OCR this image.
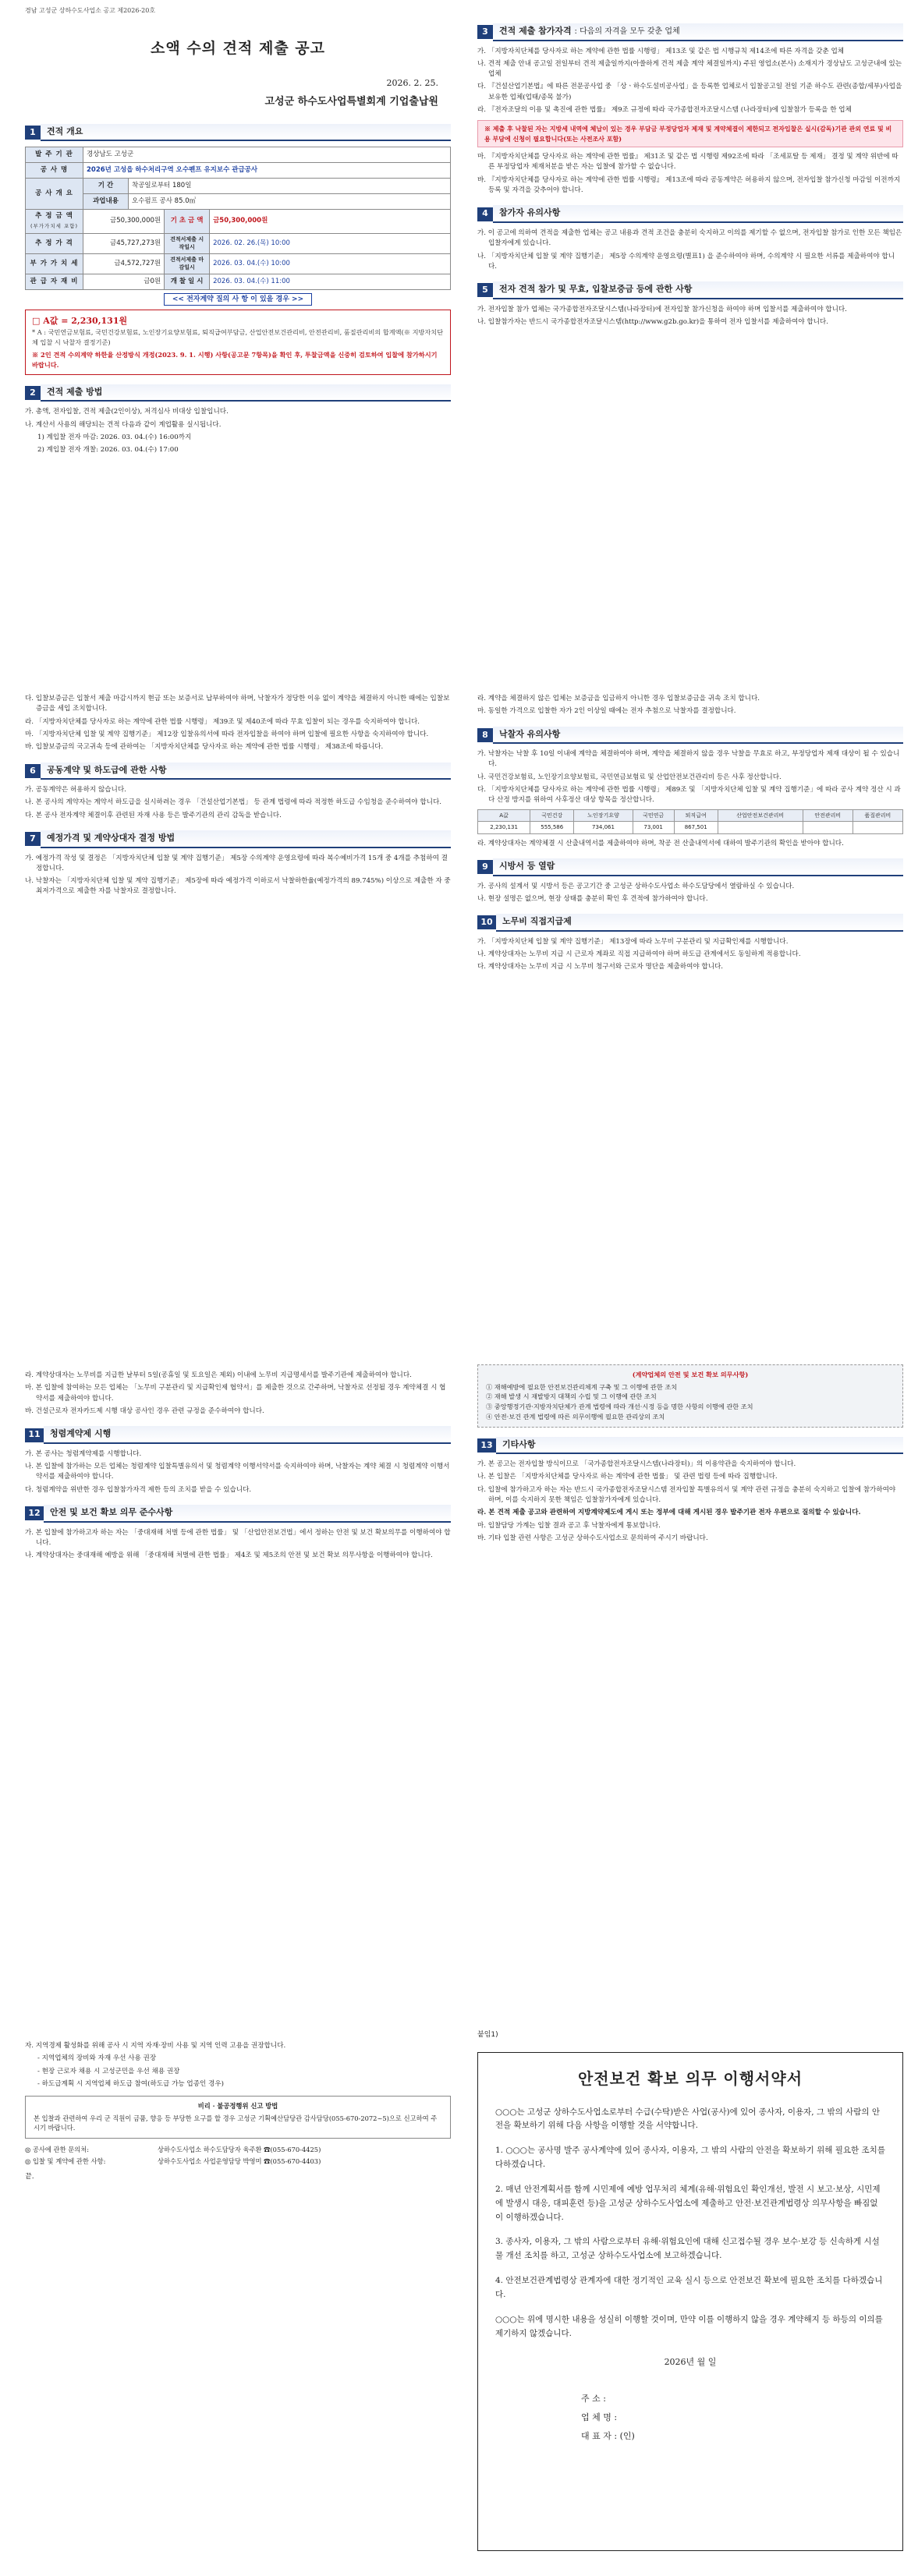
경남 고성군 상하수도사업소 공고 제2026-20호
소액 수의 견적 제출 공고
2026. 2. 25.
고성군 하수도사업특별회계 기업출납원
1	견적 개요
발 주 기 관	경상남도 고성군			
공 사 명	2026년 고성읍 하수처리구역 오수펜프 유지보수 관급공사			
공 사 개 요	기 간	착공일로부터 180일		
	과업내용	오수펌프 공사 85.0㎥		
추 정 금 액
(부가가치세 포함)	금50,300,000원		기 초 금 액	금50,300,000원
추 정 가 격	금45,727,273원		견적서제출 시작일시	2026. 02. 26.(목) 10:00
부 가 가 치 세	금4,572,727원		견적서제출 마감일시	2026. 03. 04.(수) 10:00
관 급 자 재 비	금0원		개 찰 일 시	2026. 03. 04.(수) 11:00
<< 전자계약 질의 사 항 이 있을 경우 >>
□ A값 = 2,230,131원
* A : 국민연금보험료, 국민건강보험료, 노인장기요양보험료, 퇴직급여부담금, 산업안전보건관리비, 안전관리비, 품질관리비의 합계액(※ 지방자치단체 입찰 시 낙찰자 결정기준)
※ 2인 견적 수의계약 하한율 산정방식 개정(2023. 9. 1. 시행) 사항(공고문 7항목)을 확인 후, 투찰금액을 신중히 검토하여 입찰에 참가하시기 바랍니다.
2	견적 제출 방법
가. 총액, 전자입찰, 견적 제출(2인이상), 저격심사 비대상 입찰입니다.
나. 계산서 사용의 해당되는 견적 다음과 같이 계업활용 실시됩니다.
1) 계입찰 전자 마감: 2026. 03. 04.(수) 16:00까지
2) 계입찰 전자 개찰: 2026. 03. 04.(수) 17:00
3	견적 제출 참가자격 : 다음의 자격을 모두 갖춘 업체
가. 「지방자치단체를 당사자로 하는 계약에 관한 법률 시행령」 제13조 및 같은 법 시행규칙 제14조에 따른 자격을 갖춘 업체
나. 견적 제출 안내 공고일 전일부터 견적 제출일까지(아쓸하게 견적 제출 계약 체결일까지) 주된 영업소(본사) 소재지가 경상남도 고성군내에 있는 업체
다. 『건설산업기본법』에 따른 전문공사업 중 「상ㆍ하수도설비공사업」을 등록한 업체로서 입찰공고일 전일 기준 하수도 관련(종합/세부)사업을 보유한 업체(업태/종목 불가)
라. 『전자조달의 이용 및 촉진에 관한 법률』 제9조 규정에 따라 국가종합전자조달시스템 (나라장터)에 입찰참가 등록을 한 업체
※ 제출 후 낙찰된 자는 지방세 내역에 체납이 있는 경우 부담금 부정당업자 제재 및 계약체결이 제한되고 전자입찰은 실시(감독)기관 관외 연료 및 비용 부담에 신청이 필요합니다(또는 사전조사 포함)
마. 『지방자치단체를 당사자로 하는 계약에 관한 법률』 제31조 및 같은 법 시행령 제92조에 따라 「조세포탈 등 제재」 결정 및 계약 위반에 따른 부정당업자 제재처분을 받은 자는 입찰에 참가할 수 없습니다.
바. 『지방자치단체를 당사자로 하는 계약에 관한 법률 시행령』 제13조에 따라 공동계약은 허용하지 않으며, 전자입찰 참가신청 마감일 이전까지 등록 및 자격을 갖추어야 합니다.
4	참가자 유의사항
가. 이 공고에 의하여 견적을 제출한 업체는 공고 내용과 견적 조건을 충분히 숙지하고 이의를 제기할 수 없으며, 전자입찰 참가로 인한 모든 책임은 입찰자에게 있습니다.
나. 「지방자치단체 입찰 및 계약 집행기준」 제5장 수의계약 운영요령(별표1) 을 준수하여야 하며, 수의계약 시 필요한 서류를 제출하여야 합니다.
5	전자 견적 참가 및 무효, 입찰보증금 등에 관한 사항
가. 전자입찰 참가 업체는 국가종합전자조달시스템(나라장터)에 전자입찰 참가신청을 하여야 하며 입찰서를 제출하여야 합니다.
나. 입찰참가자는 반드시 국가종합전자조달시스템(http://www.g2b.go.kr)을 통하여 전자 입찰서를 제출하여야 합니다.
다. 입찰보증금은 입찰서 제출 마감시까지 현금 또는 보증서로 납부하여야 하며, 낙찰자가 정당한 이유 없이 계약을 체결하지 아니한 때에는 입찰보증금을 세입 조치합니다.
라. 「지방자치단체를 당사자로 하는 계약에 관한 법률 시행령」 제39조 및 제40조에 따라 무효 입찰이 되는 경우를 숙지하여야 합니다.
마. 「지방자치단체 입찰 및 계약 집행기준」 제12장 입찰유의서에 따라 전자입찰을 하여야 하며 입찰에 필요한 사항을 숙지하여야 합니다.
바. 입찰보증금의 국고귀속 등에 관하여는 「지방자치단체를 당사자로 하는 계약에 관한 법률 시행령」 제38조에 따릅니다.
6	공동계약 및 하도급에 관한 사항
가. 공동계약은 허용하지 않습니다.
나. 본 공사의 계약자는 계약서 하도급을 실시하려는 경우 「건설산업기본법」 등 관계 법령에 따라 적정한 하도급 수임청을 준수하여야 합니다.
다. 본 공사 전자계약 체결이후 관련된 자재 사용 등은 발주기관의 관리 감독을 받습니다.
7	예정가격 및 계약상대자 결정 방법
가. 예정가격 작성 및 결정은 「지방자치단체 입찰 및 계약 집행기준」 제5장 수의계약 운영요령에 따라 복수예비가격 15개 중 4개를 추첨하여 결정합니다.
나. 낙찰자는 「지방자치단체 입찰 및 계약 집행기준」 제5장에 따라 예정가격 이하로서 낙찰하한율(예정가격의 89.745%) 이상으로 제출한 자 중 최저가격으로 제출한 자를 낙찰자로 결정합니다.
라. 계약을 체결하지 않은 업체는 보증금을 입금하지 아니한 경우 입찰보증금을 귀속 조치 합니다.
마. 동일한 가격으로 입찰한 자가 2인 이상일 때에는 전자 추첨으로 낙찰자를 결정합니다.
8	낙찰자 유의사항
가. 낙찰자는 낙찰 후 10일 이내에 계약을 체결하여야 하며, 계약을 체결하지 않을 경우 낙찰을 무효로 하고, 부정당업자 제재 대상이 될 수 있습니다.
나. 국민건강보험료, 노인장기요양보험료, 국민연금보험료 및 산업안전보건관리비 등은 사후 정산합니다.
다. 「지방자치단체를 당사자로 하는 계약에 관한 법률 시행령」 제89조 및 「지방자치단체 입찰 및 계약 집행기준」에 따라 공사 계약 정산 시 과다 산정 방지를 위하여 사후정산 대상 항목을 정산합니다.
A값	국민건강	노인장기요양	국민연금	퇴직급여	산업안전보건관리비	안전관리비	품질관리비
2,230,131	555,586	734,061	73,001	867,501			
라. 계약상대자는 계약체결 시 산출내역서를 제출하여야 하며, 착공 전 산출내역서에 대하여 발주기관의 확인을 받아야 합니다.
9	시방서 등 열람
가. 공사의 설계서 및 시방서 등은 공고기간 중 고성군 상하수도사업소 하수도담당에서 열람하실 수 있습니다.
나. 현장 설명은 없으며, 현장 상태를 충분히 확인 후 견적에 참가하여야 합니다.
10	노무비 직접지급제
가. 「지방자치단체 입찰 및 계약 집행기준」 제13장에 따라 노무비 구분관리 및 지급확인제를 시행합니다.
나. 계약상대자는 노무비 지급 시 근로자 계좌로 직접 지급하여야 하며 하도급 관계에서도 동일하게 적용합니다.
다. 계약상대자는 노무비 지급 시 노무비 청구서와 근로자 명단을 제출하여야 합니다.
라. 계약상대자는 노무비를 지급한 날부터 5일(공휴일 및 토요일은 제외) 이내에 노무비 지급명세서를 발주기관에 제출하여야 합니다.
마. 본 입찰에 참여하는 모든 업체는 「노무비 구분관리 및 지급확인제 협약서」를 제출한 것으로 간주하며, 낙찰자로 선정될 경우 계약체결 시 협약서를 제출하여야 합니다.
바. 건설근로자 전자카드제 시행 대상 공사인 경우 관련 규정을 준수하여야 합니다.
11	청렴계약제 시행
가. 본 공사는 청렴계약제를 시행합니다.
나. 본 입찰에 참가하는 모든 업체는 청렴계약 입찰특별유의서 및 청렴계약 이행서약서를 숙지하여야 하며, 낙찰자는 계약 체결 시 청렴계약 이행서약서를 제출하여야 합니다.
다. 청렴계약을 위반한 경우 입찰참가자격 제한 등의 조치를 받을 수 있습니다.
12	안전 및 보건 확보 의무 준수사항
가. 본 입찰에 참가하고자 하는 자는 「중대재해 처벌 등에 관한 법률」 및 「산업안전보건법」에서 정하는 안전 및 보건 확보의무를 이행하여야 합니다.
나. 계약상대자는 중대재해 예방을 위해 「중대재해 처벌에 관한 법률」 제4조 및 제5조의 안전 및 보건 확보 의무사항을 이행하여야 합니다.
(계약업체의 안전 및 보건 확보 의무사항)
① 재해예방에 필요한 안전보건관리체계 구축 및 그 이행에 관한 조치
② 재해 발생 시 재발방지 대책의 수립 및 그 이행에 관한 조치
③ 중앙행정기관·지방자치단체가 관계 법령에 따라 개선·시정 등을 명한 사항의 이행에 관한 조치
④ 안전·보건 관계 법령에 따른 의무이행에 필요한 관리상의 조치
13	기타사항
가. 본 공고는 전자입찰 방식이므로 「국가종합전자조달시스템(나라장터)」의 이용약관을 숙지하여야 합니다.
나. 본 입찰은 「지방자치단체를 당사자로 하는 계약에 관한 법률」 및 관련 법령 등에 따라 집행합니다.
다. 입찰에 참가하고자 하는 자는 반드시 국가종합전자조달시스템 전자입찰 특별유의서 및 계약 관련 규정을 충분히 숙지하고 입찰에 참가하여야 하며, 이를 숙지하지 못한 책임은 입찰참가자에게 있습니다.
라. 본 견적 제출 공고와 관련하여 지방계약제도에 게시 또는 정부에 대해 게시된 경우 발주기관 전자 우편으로 질의할 수 있습니다.
마. 입찰담당 가계는 입찰 결과 공고 후 낙찰자에게 통보합니다.
바. 기타 입찰 관련 사항은 고성군 상하수도사업소로 문의하여 주시기 바랍니다.
자. 지역경제 활성화를 위해 공사 시 지역 자재·장비 사용 및 지역 인력 고용을 권장합니다.
- 지역업체의 장비와 자재 우선 사용 권장
- 현장 근로자 채용 시 고성군민을 우선 채용 권장
- 하도급계획 시 지역업체 하도급 참여(하도급 가능 업종인 경우)
비리 · 불공정행위 신고 방법
본 입찰과 관련하여 우리 군 직원이 금품, 향응 등 부당한 요구를 할 경우 고성군 기획예산담당관 감사담당(055-670-2072~5)으로 신고하여 주시기 바랍니다.
◎ 공사에 관한 문의처:	상하수도사업소 하수도담당자 육주환 ☎(055-670-4425)
◎ 입찰 및 계약에 관한 사항:	상하수도사업소 사업운영담당 박영미 ☎(055-670-4403)
끝.
붙임1)
안전보건 확보 의무 이행서약서

○○○는 고성군 상하수도사업소로부터 수급(수탁)받은 사업(공사)에 있어 종사자, 이용자, 그 밖의 사람의 안전을 확보하기 위해 다음 사항을 이행할 것을 서약합니다.

1. ○○○는 공사명 발주 공사계약에 있어 종사자, 이용자, 그 밖의 사람의 안전을 확보하기 위해 필요한 조치를 다하겠습니다.

2. 매년 안전계획서를 함께 시민제에 예방 업무처리 체계(유해·위험요인 확인개선, 발전 시 보고·보상, 시민제에 발생시 대응, 대피훈련 등)을 고성군 상하수도사업소에 제출하고 안전·보건관계법령상 의무사항을 빠짐없이 이행하겠습니다.

3. 종사자, 이용자, 그 밖의 사람으로부터 유해·위험요인에 대해 신고접수될 경우 보수·보강 등 신속하게 시설물 개선 조치를 하고, 고성군 상하수도사업소에 보고하겠습니다.

4. 안전보건관계법령상 관계자에 대한 정기적인 교육 실시 등으로 안전보건 확보에 필요한 조치를 다하겠습니다.

○○○는 위에 명시한 내용을 성실히 이행할 것이며, 만약 이를 이행하지 않을 경우 계약해지 등 하등의 이의를 제기하지 않겠습니다.

2026년 월 일
주 소 :
업 체 명 :
대 표 자 : (인)
